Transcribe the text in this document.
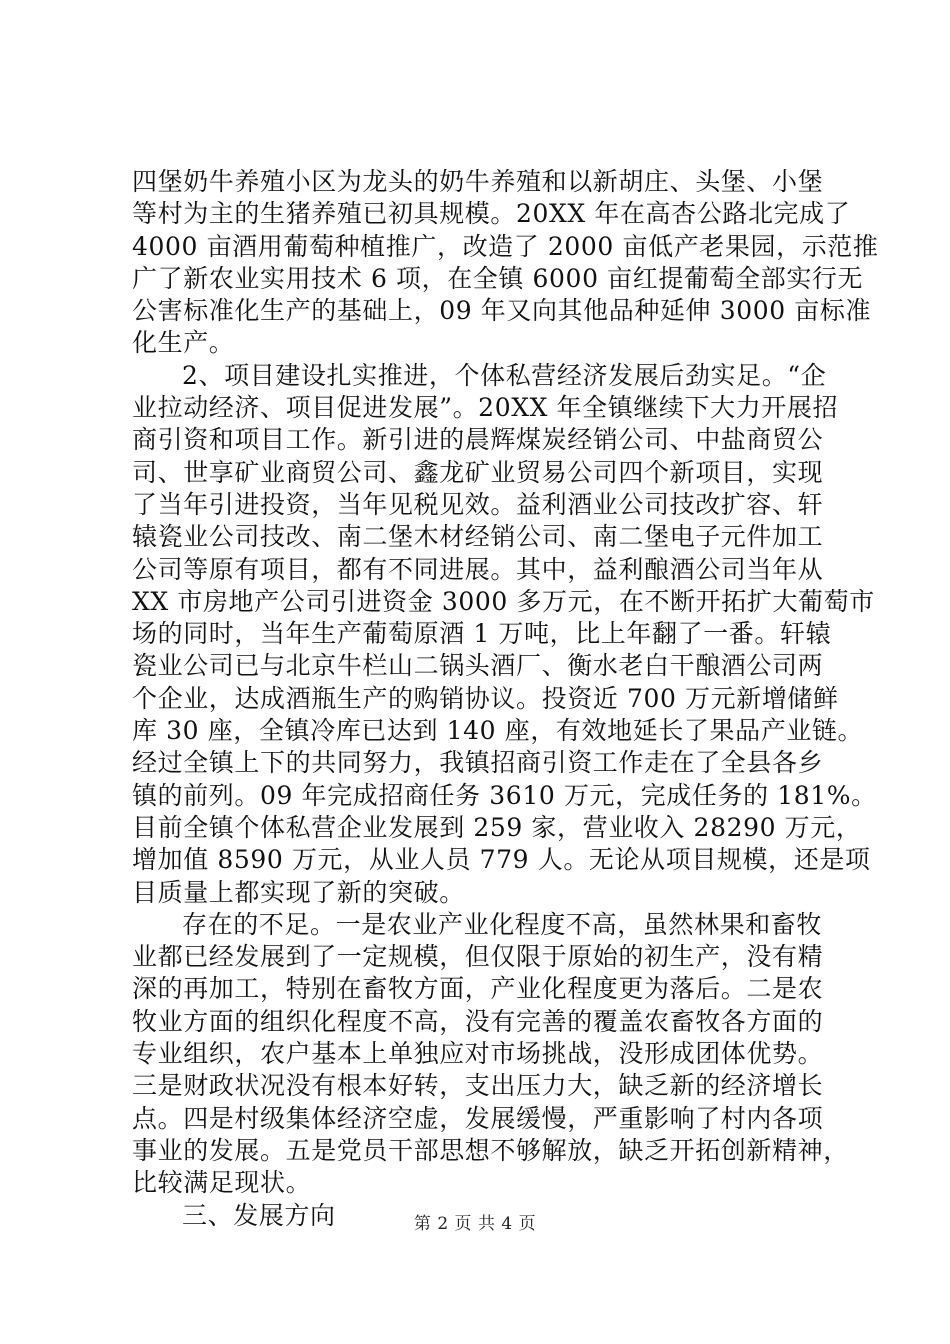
四堡奶牛养殖小区为龙头的奶牛养殖和以新胡庄、头堡、小堡
等村为主的生猪养殖已初具规模。20XX 年在高杏公路北完成了
4000 亩酒用葡萄种植推广，改造了 2000 亩低产老果园，示范推
广了新农业实用技术 6 项，在全镇 6000 亩红提葡萄全部实行无
公害标准化生产的基础上，09 年又向其他品种延伸 3000 亩标准
化生产。
2、项目建设扎实推进，个体私营经济发展后劲实足。“企
业拉动经济、项目促进发展”。20XX 年全镇继续下大力开展招
商引资和项目工作。新引进的晨辉煤炭经销公司、中盐商贸公
司、世享矿业商贸公司、鑫龙矿业贸易公司四个新项目，实现
了当年引进投资，当年见税见效。益利酒业公司技改扩容、轩
辕瓷业公司技改、南二堡木材经销公司、南二堡电子元件加工
公司等原有项目，都有不同进展。其中，益利酿酒公司当年从
XX 市房地产公司引进资金 3000 多万元，在不断开拓扩大葡萄市
场的同时，当年生产葡萄原酒 1 万吨，比上年翻了一番。轩辕
瓷业公司已与北京牛栏山二锅头酒厂、衡水老白干酿酒公司两
个企业，达成酒瓶生产的购销协议。投资近 700 万元新增储鲜
库 30 座，全镇冷库已达到 140 座，有效地延长了果品产业链。
经过全镇上下的共同努力，我镇招商引资工作走在了全县各乡
镇的前列。09 年完成招商任务 3610 万元，完成任务的 181%。
目前全镇个体私营企业发展到 259 家，营业收入 28290 万元，
增加值 8590 万元，从业人员 779 人。无论从项目规模，还是项
目质量上都实现了新的突破。
存在的不足。一是农业产业化程度不高，虽然林果和畜牧
业都已经发展到了一定规模，但仅限于原始的初生产，没有精
深的再加工，特别在畜牧方面，产业化程度更为落后。二是农
牧业方面的组织化程度不高，没有完善的覆盖农畜牧各方面的
专业组织，农户基本上单独应对市场挑战，没形成团体优势。
三是财政状况没有根本好转，支出压力大，缺乏新的经济增长
点。四是村级集体经济空虚，发展缓慢，严重影响了村内各项
事业的发展。五是党员干部思想不够解放，缺乏开拓创新精神，
比较满足现状。
三、发展方向	第 2 页 共 4 页
